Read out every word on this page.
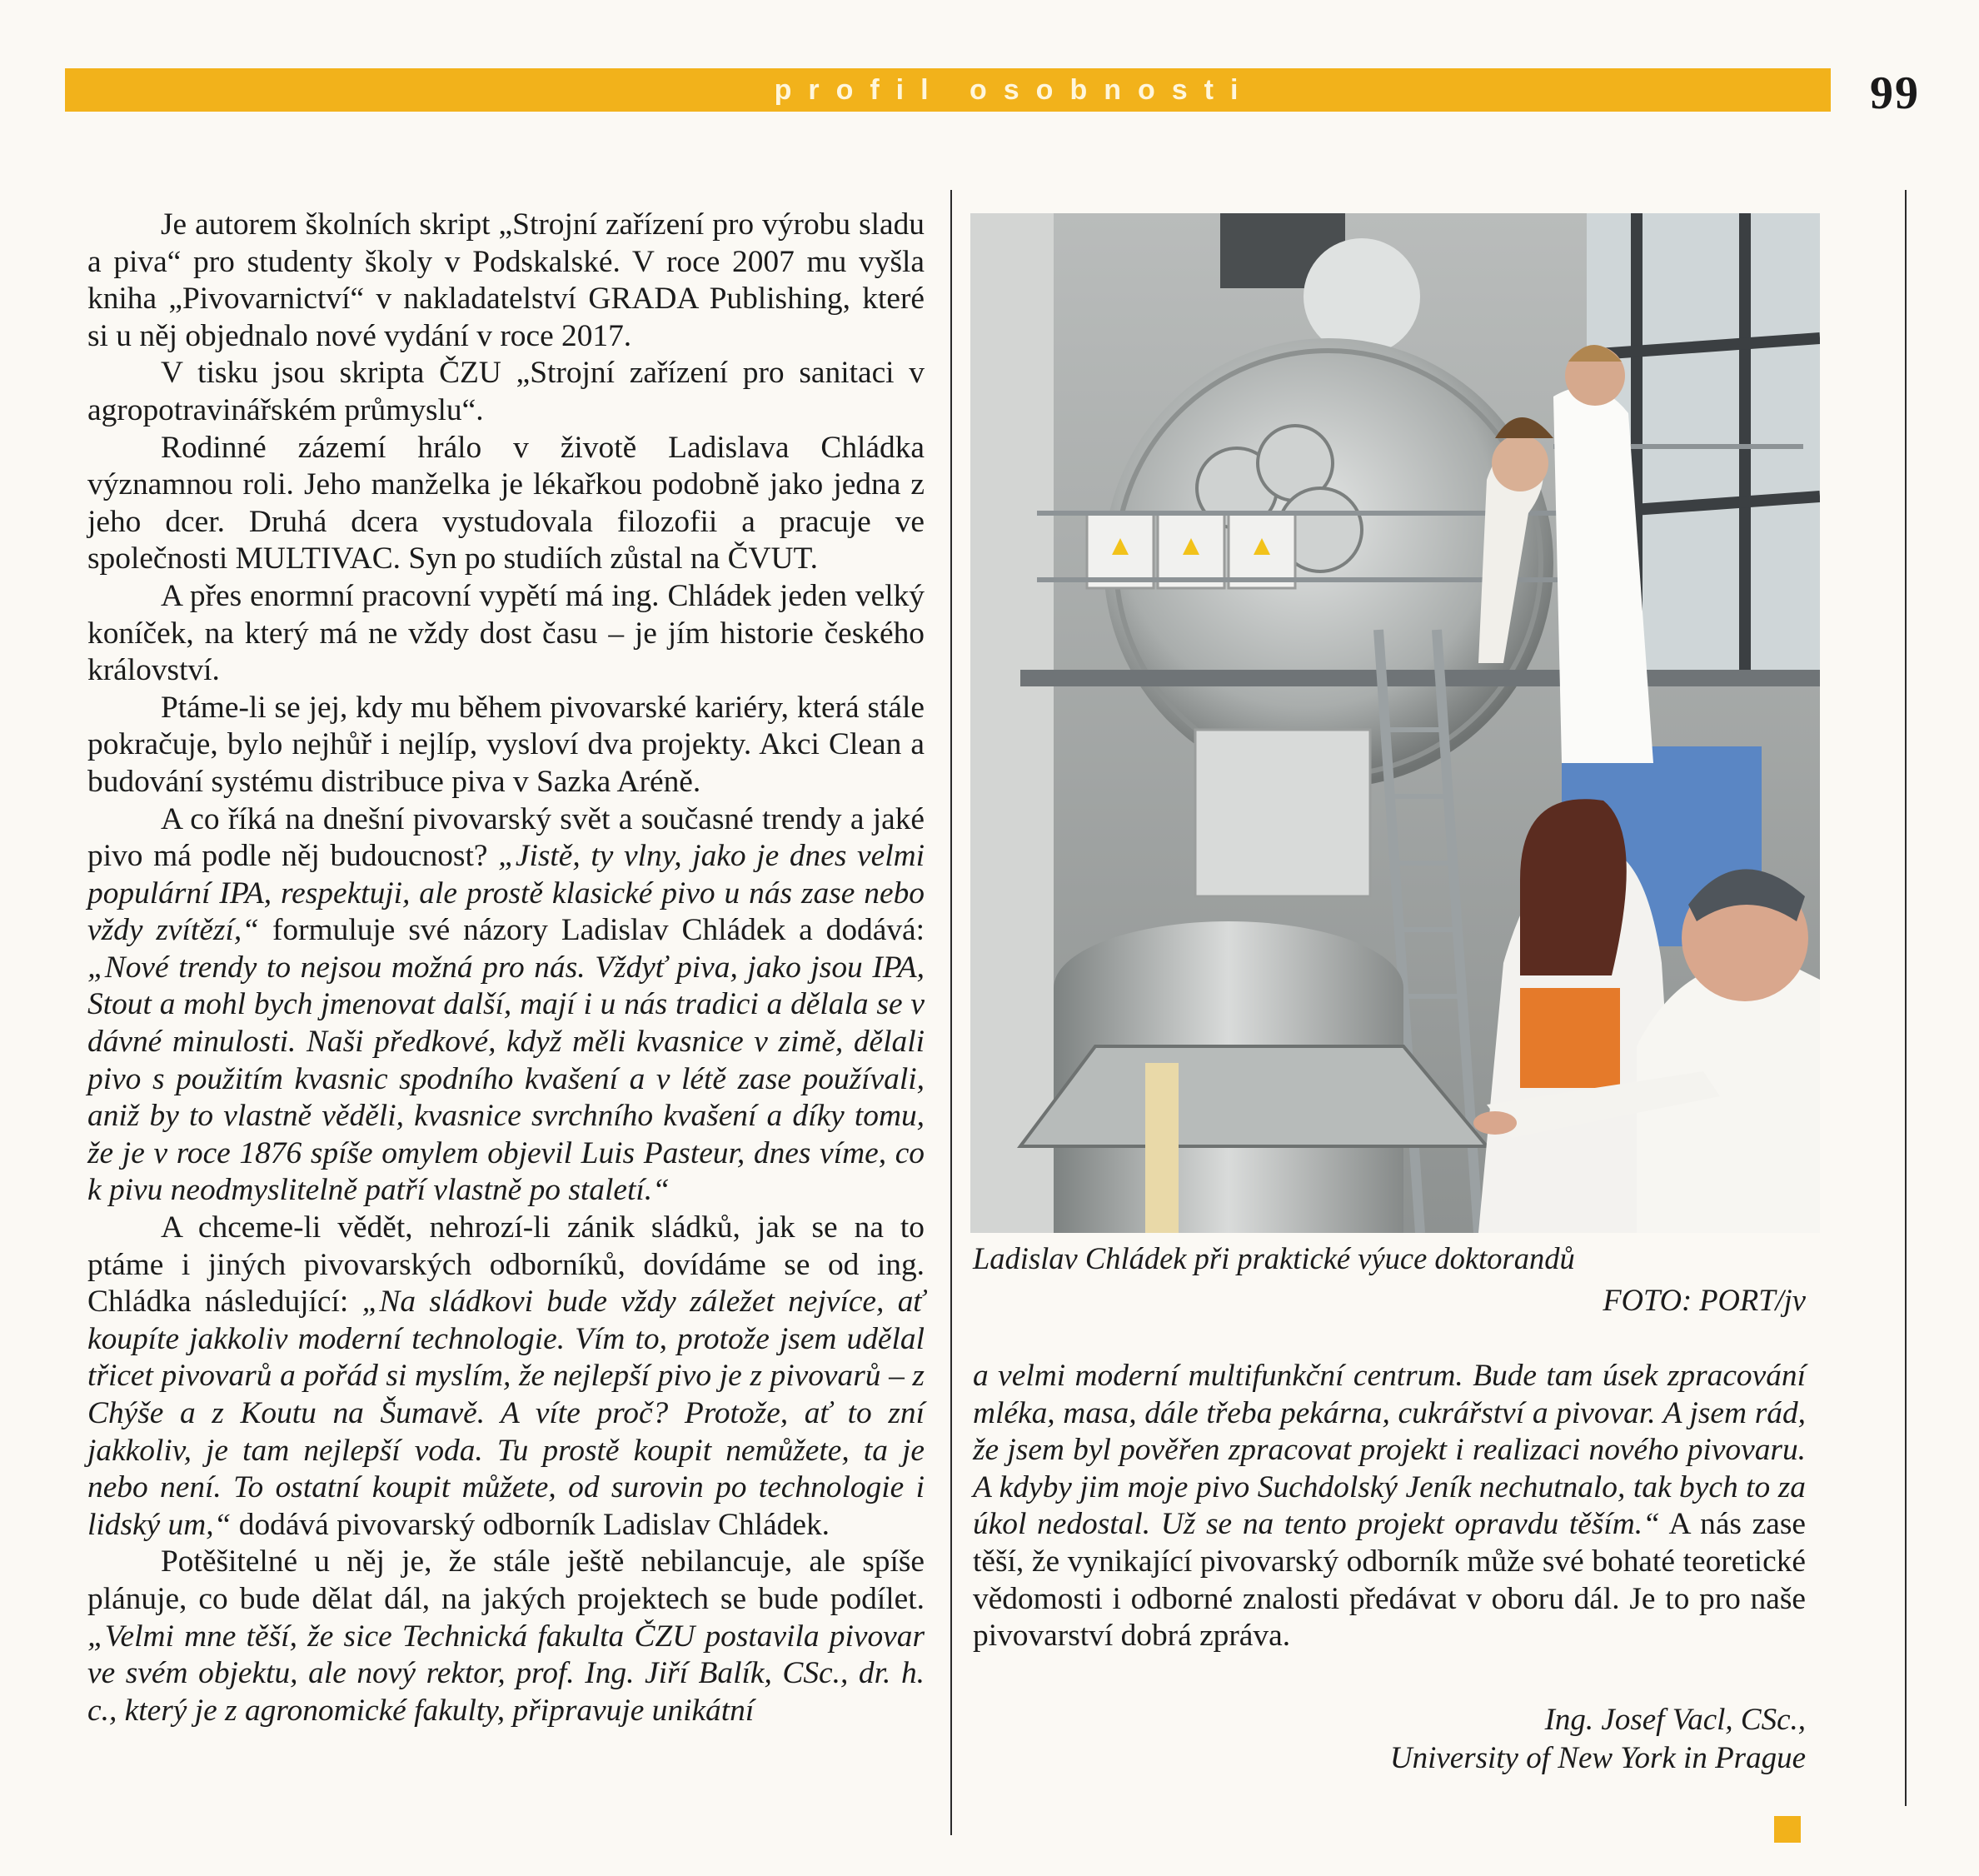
profil osobnosti	99

Je autorem školních skript „Strojní zařízení pro výrobu sladu a piva“ pro studenty školy v Podskalské. V roce 2007 mu vyšla kniha „Pivovarnictví“ v nakladatelství GRADA Publishing, které si u něj objednalo nové vydání v roce 2017.

V tisku jsou skripta ČZU „Strojní zařízení pro sanitaci v agropotravinářském průmyslu“.

Rodinné zázemí hrálo v životě Ladislava Chládka významnou roli. Jeho manželka je lékařkou podobně jako jedna z jeho dcer. Druhá dcera vystudovala filozofii a pracuje ve společnosti MULTIVAC. Syn po studiích zůstal na ČVUT.

A přes enormní pracovní vypětí má ing. Chládek jeden velký koníček, na který má ne vždy dost času – je jím historie českého království.

Ptáme-li se jej, kdy mu během pivovarské kariéry, která stále pokračuje, bylo nejhůř i nejlíp, vysloví dva projekty. Akci Clean a budování systému distribuce piva v Sazka Aréně.

A co říká na dnešní pivovarský svět a současné trendy a jaké pivo má podle něj budoucnost? „Jistě, ty vlny, jako je dnes velmi populární IPA, respektuji, ale prostě klasické pivo u nás zase nebo vždy zvítězí,“ formuluje své názory Ladislav Chládek a dodává: „Nové trendy to nejsou možná pro nás. Vždyť piva, jako jsou IPA, Stout a mohl bych jmenovat další, mají i u nás tradici a dělala se v dávné minulosti. Naši předkové, když měli kvasnice v zimě, dělali pivo s použitím kvasnic spodního kvašení a v létě zase používali, aniž by to vlastně věděli, kvasnice svrchního kvašení a díky tomu, že je v roce 1876 spíše omylem objevil Luis Pasteur, dnes víme, co k pivu neodmyslitelně patří vlastně po staletí.“

A chceme-li vědět, nehrozí-li zánik sládků, jak se na to ptáme i jiných pivovarských odborníků, dovídáme se od ing. Chládka následující: „Na sládkovi bude vždy záležet nejvíce, ať koupíte jakkoliv moderní technologie. Vím to, protože jsem udělal třicet pivovarů a pořád si myslím, že nejlepší pivo je z pivovarů – z Chýše a z Koutu na Šumavě. A víte proč? Protože, ať to zní jakkoliv, je tam nejlepší voda. Tu prostě koupit nemůžete, ta je nebo není. To ostatní koupit můžete, od surovin po technologie i lidský um,“ dodává pivovarský odborník Ladislav Chládek.

Potěšitelné u něj je, že stále ještě nebilancuje, ale spíše plánuje, co bude dělat dál, na jakých projektech se bude podílet. „Velmi mne těší, že sice Technická fakulta ČZU postavila pivovar ve svém objektu, ale nový rektor, prof. Ing. Jiří Balík, CSc., dr. h. c., který je z agronomické fakulty, připravuje unikátní

Ladislav Chládek při praktické výuce doktorandů
FOTO: PORT/jv

a velmi moderní multifunkční centrum. Bude tam úsek zpracování mléka, masa, dále třeba pekárna, cukrářství a pivovar. A jsem rád, že jsem byl pověřen zpracovat projekt i realizaci nového pivovaru. A kdyby jim moje pivo Suchdolský Jeník nechutnalo, tak bych to za úkol nedostal. Už se na tento projekt opravdu těším.“ A nás zase těší, že vynikající pivovarský odborník může své bohaté teoretické vědomosti i odborné znalosti předávat v oboru dál. Je to pro naše pivovarství dobrá zpráva.

Ing. Josef Vacl, CSc.,
University of New York in Prague
